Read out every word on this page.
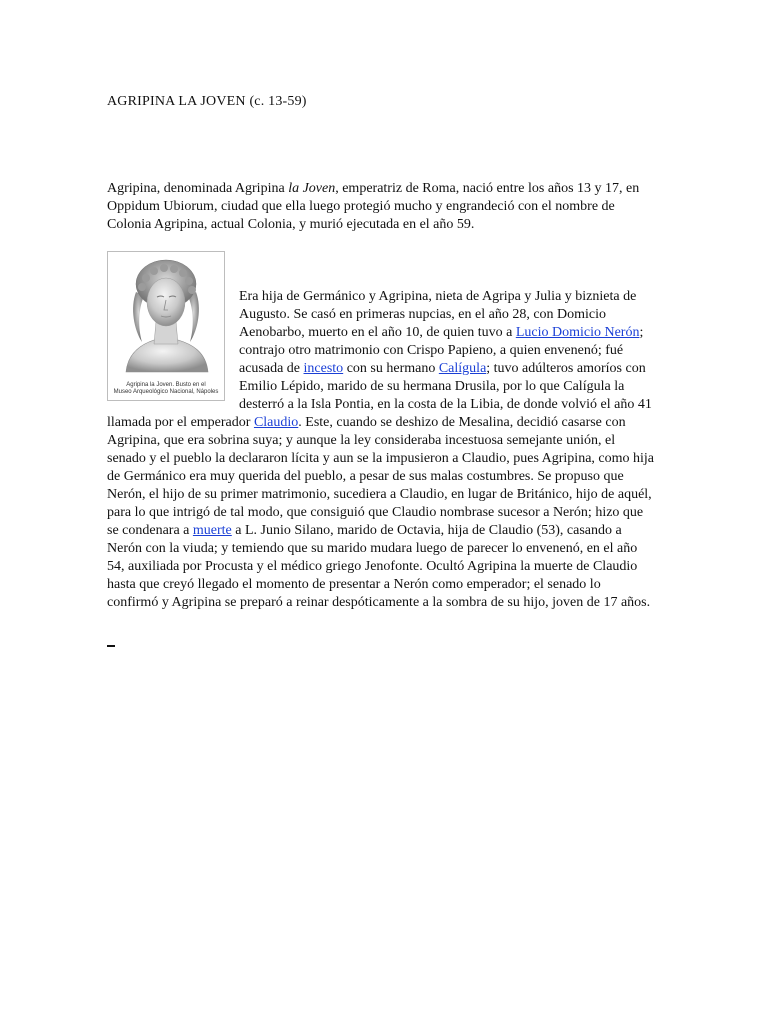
AGRIPINA LA JOVEN (c. 13-59)

Agripina, denominada Agripina la Joven, emperatriz de Roma, nació entre los años 13 y 17, en Oppidum Ubiorum, ciudad que ella luego protegió mucho y engrandeció con el nombre de Colonia Agripina, actual Colonia, y murió ejecutada en el año 59.

Agripina la Joven. Busto en el
Museo Arqueológico Nacional, Nápoles

Era hija de Germánico y Agripina, nieta de Agripa y Julia y biznieta de Augusto. Se casó en primeras nupcias, en el año 28, con Domicio Aenobarbo, muerto en el año 10, de quien tuvo a Lucio Domicio Nerón; contrajo otro matrimonio con Crispo Papieno, a quien envenenó; fué acusada de incesto con su hermano Calígula; tuvo adúlteros amoríos con Emilio Lépido, marido de su hermana Drusila, por lo que Calígula la desterró a la Isla Pontia, en la costa de la Libia, de donde volvió el año 41 llamada por el emperador Claudio. Este, cuando se deshizo de Mesalina, decidió casarse con Agripina, que era sobrina suya; y aunque la ley consideraba incestuosa semejante unión, el senado y el pueblo la declararon lícita y aun se la impusieron a Claudio, pues Agripina, como hija de Germánico era muy querida del pueblo, a pesar de sus malas costumbres. Se propuso que Nerón, el hijo de su primer matrimonio, sucediera a Claudio, en lugar de Británico, hijo de aquél, para lo que intrigó de tal modo, que consiguió que Claudio nombrase sucesor a Nerón; hizo que se condenara a muerte a L. Junio Silano, marido de Octavia, hija de Claudio (53), casando a Nerón con la viuda; y temiendo que su marido mudara luego de parecer lo envenenó, en el año 54, auxiliada por Procusta y el médico griego Jenofonte. Ocultó Agripina la muerte de Claudio hasta que creyó llegado el momento de presentar a Nerón como emperador; el senado lo confirmó y Agripina se preparó a reinar despóticamente a la sombra de su hijo, joven de 17 años.
